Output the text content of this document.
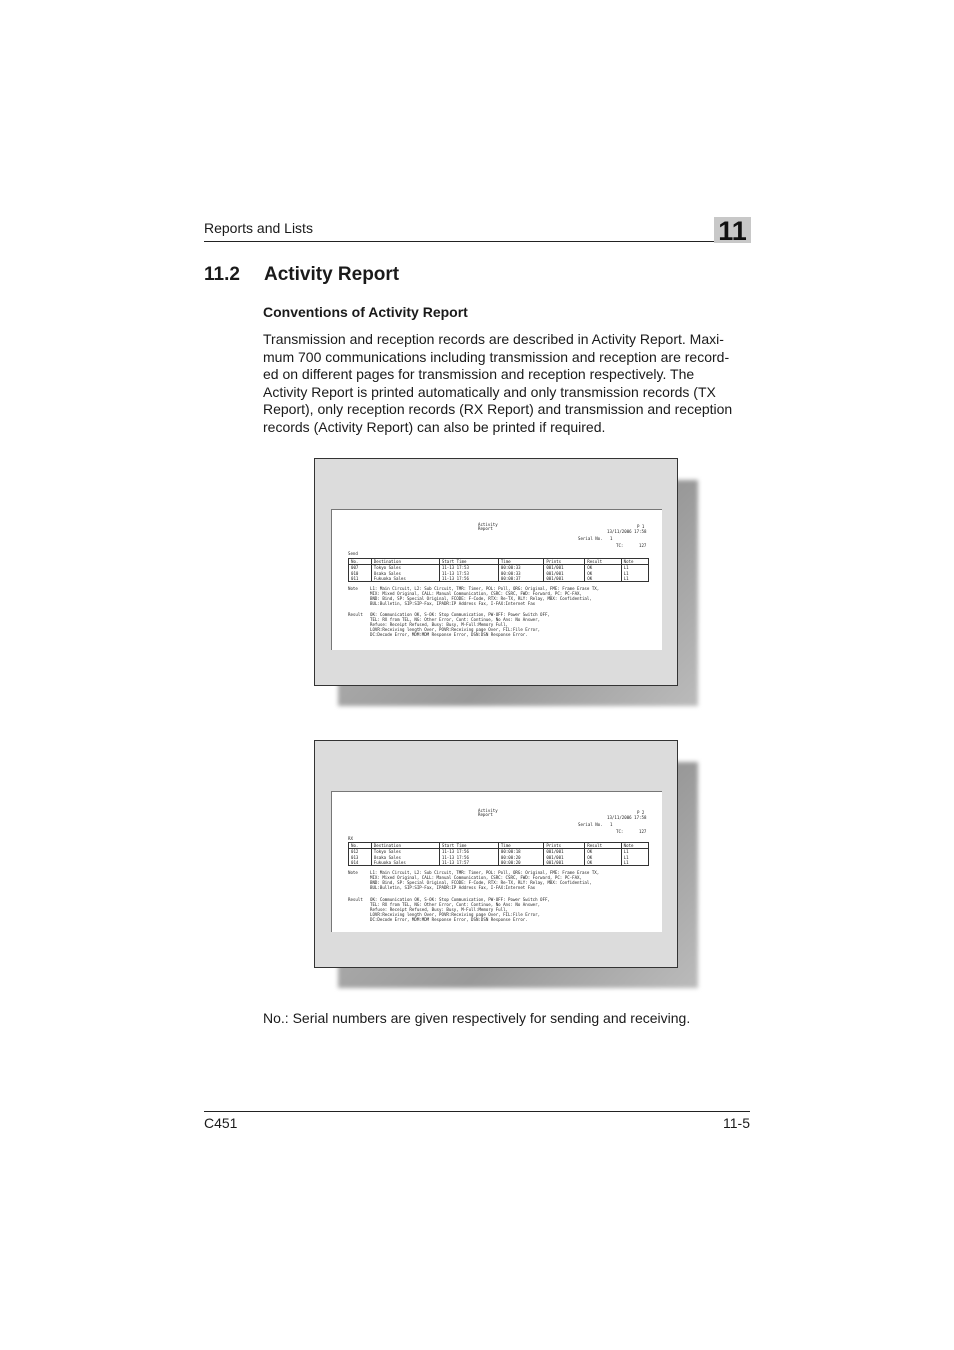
Reports and Lists	11
11.2 Activity Report
Conventions of Activity Report
Transmission and reception records are described in Activity Report. Maxi-
mum 700 communications including transmission and reception are record-
ed on different pages for transmission and reception respectively. The
Activity Report is printed automatically and only transmission records (TX
Report), only reception records (RX Report) and transmission and reception
records (Activity Report) can also be printed if required.
Activity
Report	P 1
13/11/2006 17:58
Serial No. 1
TC:	127
Send
No.	Destination	Start Time	Time	Prints	Result	Note
007	Tokyo Sales	11-13 17:53	00:00:33	001/001	OK	L1
010	Osaka Sales	11-13 17:53	00:00:33	001/001	OK	L1
011	Fukuoka Sales	11-13 17:56	00:00:37	001/001	OK	L1
Note	L1: Main Circuit, L2: Sub Circuit, TMR: Timer, POL: Poll, ORG: Original, FME: Frame Erase TX,
MIX: Mixed Original, CALL: Manual Communication, CSRC: CSRC, FWD: Forward, PC: PC-FAX,
BND: Bind, SP: Special Original, FCODE: F-Code, RTX: Re-TX, RLY: Relay, MBX: Confidential,
BUL:Bulletin, SIP:SIP-Fax, IPADR:IP Address Fax, I-FAX:Internet Fax
Result OK: Communication OK, S-OK: Stop Communication, PW-OFF: Power Switch OFF,
TEL: RX from TEL, NG: Other Error, Cont: Continue, No Ans: No Answer,
Refuse: Receipt Refused, Busy: Busy, M-Full:Memory Full,
LOVR:Receiving length Over, POVR:Receiving page Over, FIL:File Error,
DC:Decode Error, MDM:MDM Response Error, DSN:DSN Response Error.
Activity
Report	P 2
13/11/2006 17:58
Serial No. 1
TC:	127
RX
No.	Destination	Start Time	Time	Prints	Result	Note
012	Tokyo Sales	11-13 17:56	00:00:18	001/001	OK	L1
013	Osaka Sales	11-13 17:56	00:00:20	001/001	OK	L1
014	Fukuoka Sales	11-13 17:57	00:00:20	001/001	OK	L1
Note	L1: Main Circuit, L2: Sub Circuit, TMR: Timer, POL: Poll, ORG: Original, FME: Frame Erase TX,
MIX: Mixed Original, CALL: Manual Communication, CSRC: CSRC, FWD: Forward, PC: PC-FAX,
BND: Bind, SP: Special Original, FCODE: F-Code, RTX: Re-TX, RLY: Relay, MBX: Confidential,
BUL:Bulletin, SIP:SIP-Fax, IPADR:IP Address Fax, I-FAX:Internet Fax
Result OK: Communication OK, S-OK: Stop Communication, PW-OFF: Power Switch OFF,
TEL: RX from TEL, NG: Other Error, Cont: Continue, No Ans: No Answer,
Refuse: Receipt Refused, Busy: Busy, M-Full:Memory Full,
LOVR:Receiving length Over, POVR:Receiving page Over, FIL:File Error,
DC:Decode Error, MDM:MDM Response Error, DSN:DSN Response Error.
No.: Serial numbers are given respectively for sending and receiving.
C451	11-5
